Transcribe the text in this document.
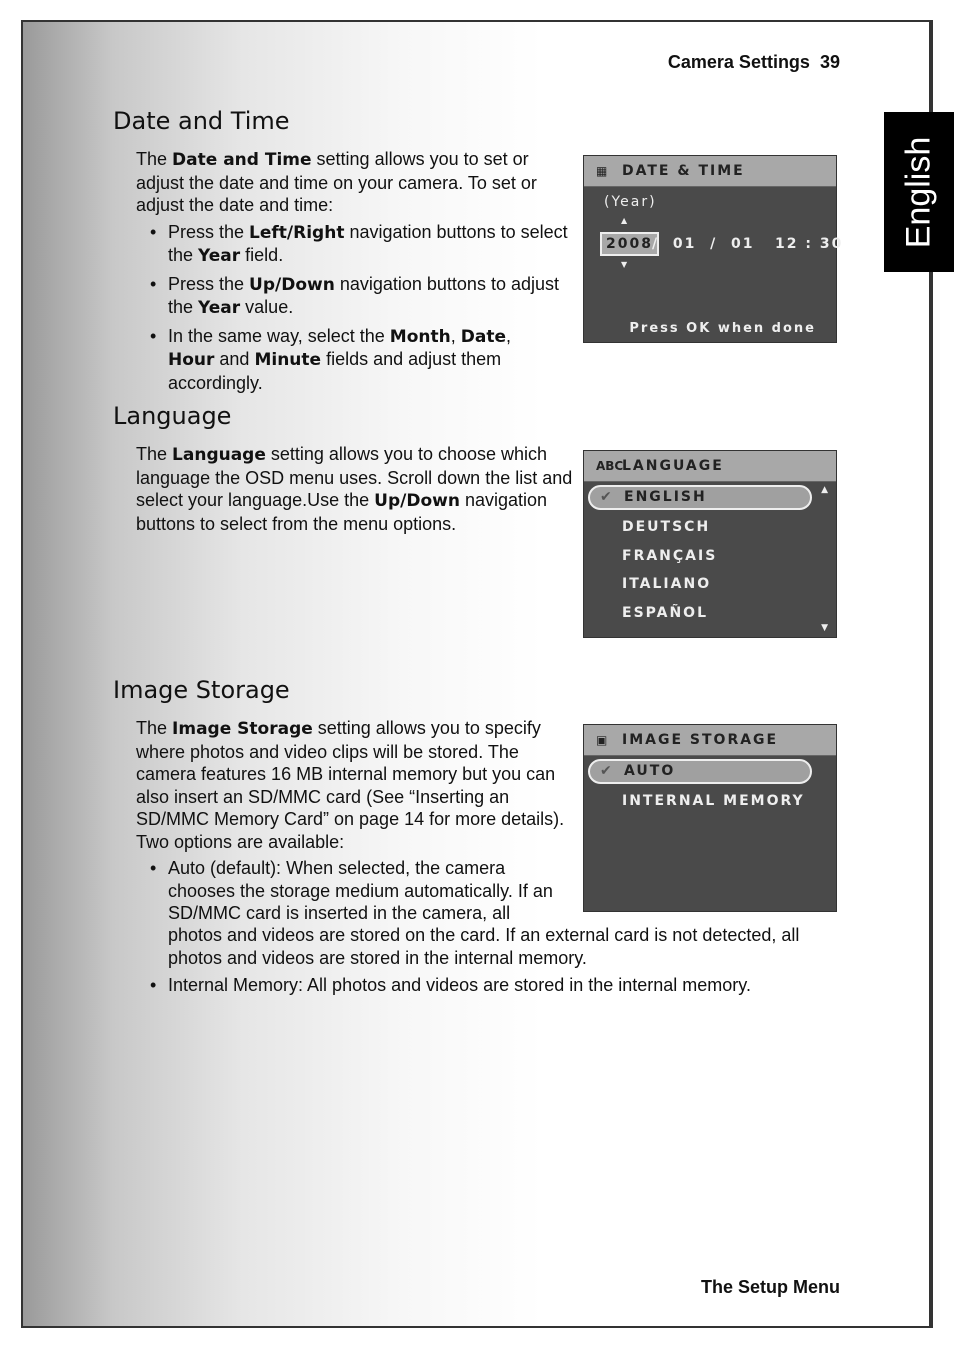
Camera Settings 39
English
Date and Time

The Date and Time setting allows you to set or adjust the date and time on your camera. To set or adjust the date and time:

• Press the Left/Right navigation buttons to select the Year field.
• Press the Up/Down navigation buttons to adjust the Year value.
• In the same way, select the Month, Date,
Hour and Minute fields and adjust them accordingly.
▦	DATE & TIME
(Year)
▲
2008 /  01  /  01   12 : 30
▼
Press OK when done
Language

The Language setting allows you to choose which language the OSD menu uses. Scroll down the list and select your language.Use the Up/Down navigation buttons to select from the menu options.

ABC
LANGUAGE
✔ ENGLISH
DEUTSCH
FRANÇAIS
ITALIANO
ESPAÑOL
▲
▼
Image Storage

The Image Storage setting allows you to specify where photos and video clips will be stored. The camera features 16 MB internal memory but you can also insert an SD/MMC card (See “Inserting an SD/MMC Memory Card” on page 14 for more details). Two options are available:

• Auto (default): When selected, the camera chooses the storage medium automatically. If an SD/MMC card is inserted in the camera, all

photos and videos are stored on the card. If an external card is not detected, all photos and videos are stored in the internal memory.

• Internal Memory: All photos and videos are stored in the internal memory.
▣	IMAGE STORAGE
✔ AUTO
INTERNAL MEMORY
The Setup Menu
